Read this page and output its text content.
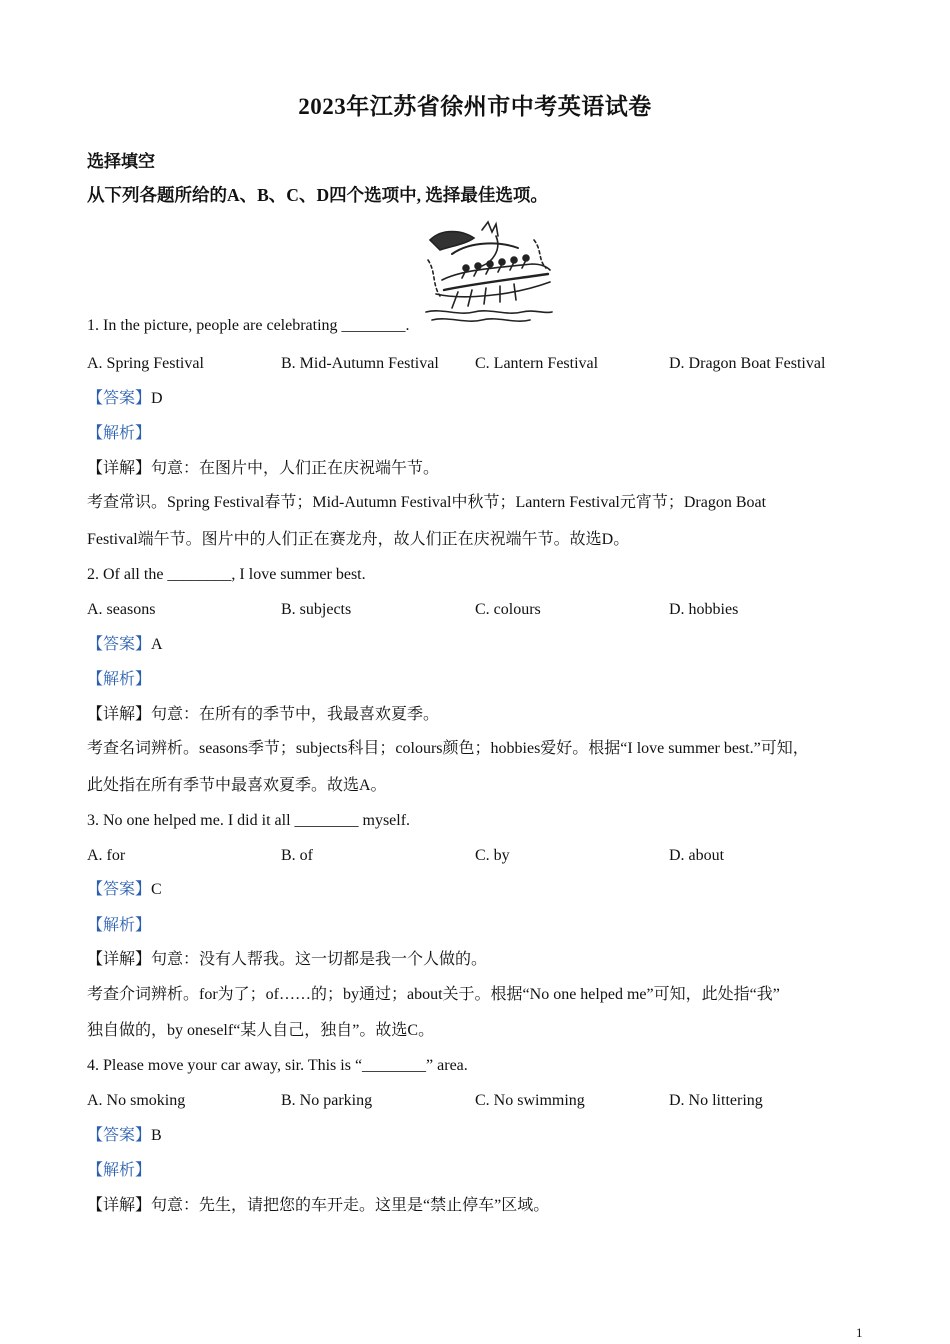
2023年江苏省徐州市中考英语试卷
选择填空
从下列各题所给的A、B、C、D四个选项中, 选择最佳选项。
1. In the picture, people are celebrating ________.
A. Spring Festival	B. Mid-Autumn Festival C. Lantern Festival	D. Dragon Boat Festival
【答案】D
【解析】
【详解】句意：在图片中，人们正在庆祝端午节。
考查常识。Spring Festival春节；Mid-Autumn Festival中秋节；Lantern Festival元宵节；Dragon Boat
Festival端午节。图片中的人们正在赛龙舟，故人们正在庆祝端午节。故选D。
2. Of all the ________, I love summer best.
A. seasons	B. subjects	C. colours	D. hobbies
【答案】A
【解析】
【详解】句意：在所有的季节中，我最喜欢夏季。
考查名词辨析。seasons季节；subjects科目；colours颜色；hobbies爱好。根据“I love summer best.”可知，
此处指在所有季节中最喜欢夏季。故选A。
3. No one helped me. I did it all ________ myself.
A. for	B. of	C. by	D. about
【答案】C
【解析】
【详解】句意：没有人帮我。这一切都是我一个人做的。
考查介词辨析。for为了；of……的；by通过；about关于。根据“No one helped me”可知，此处指“我”
独自做的，by oneself“某人自己，独自”。故选C。
4. Please move your car away, sir. This is “________” area.
A. No smoking	B. No parking	C. No swimming	D. No littering
【答案】B
【解析】
【详解】句意：先生，请把您的车开走。这里是“禁止停车”区域。
1
